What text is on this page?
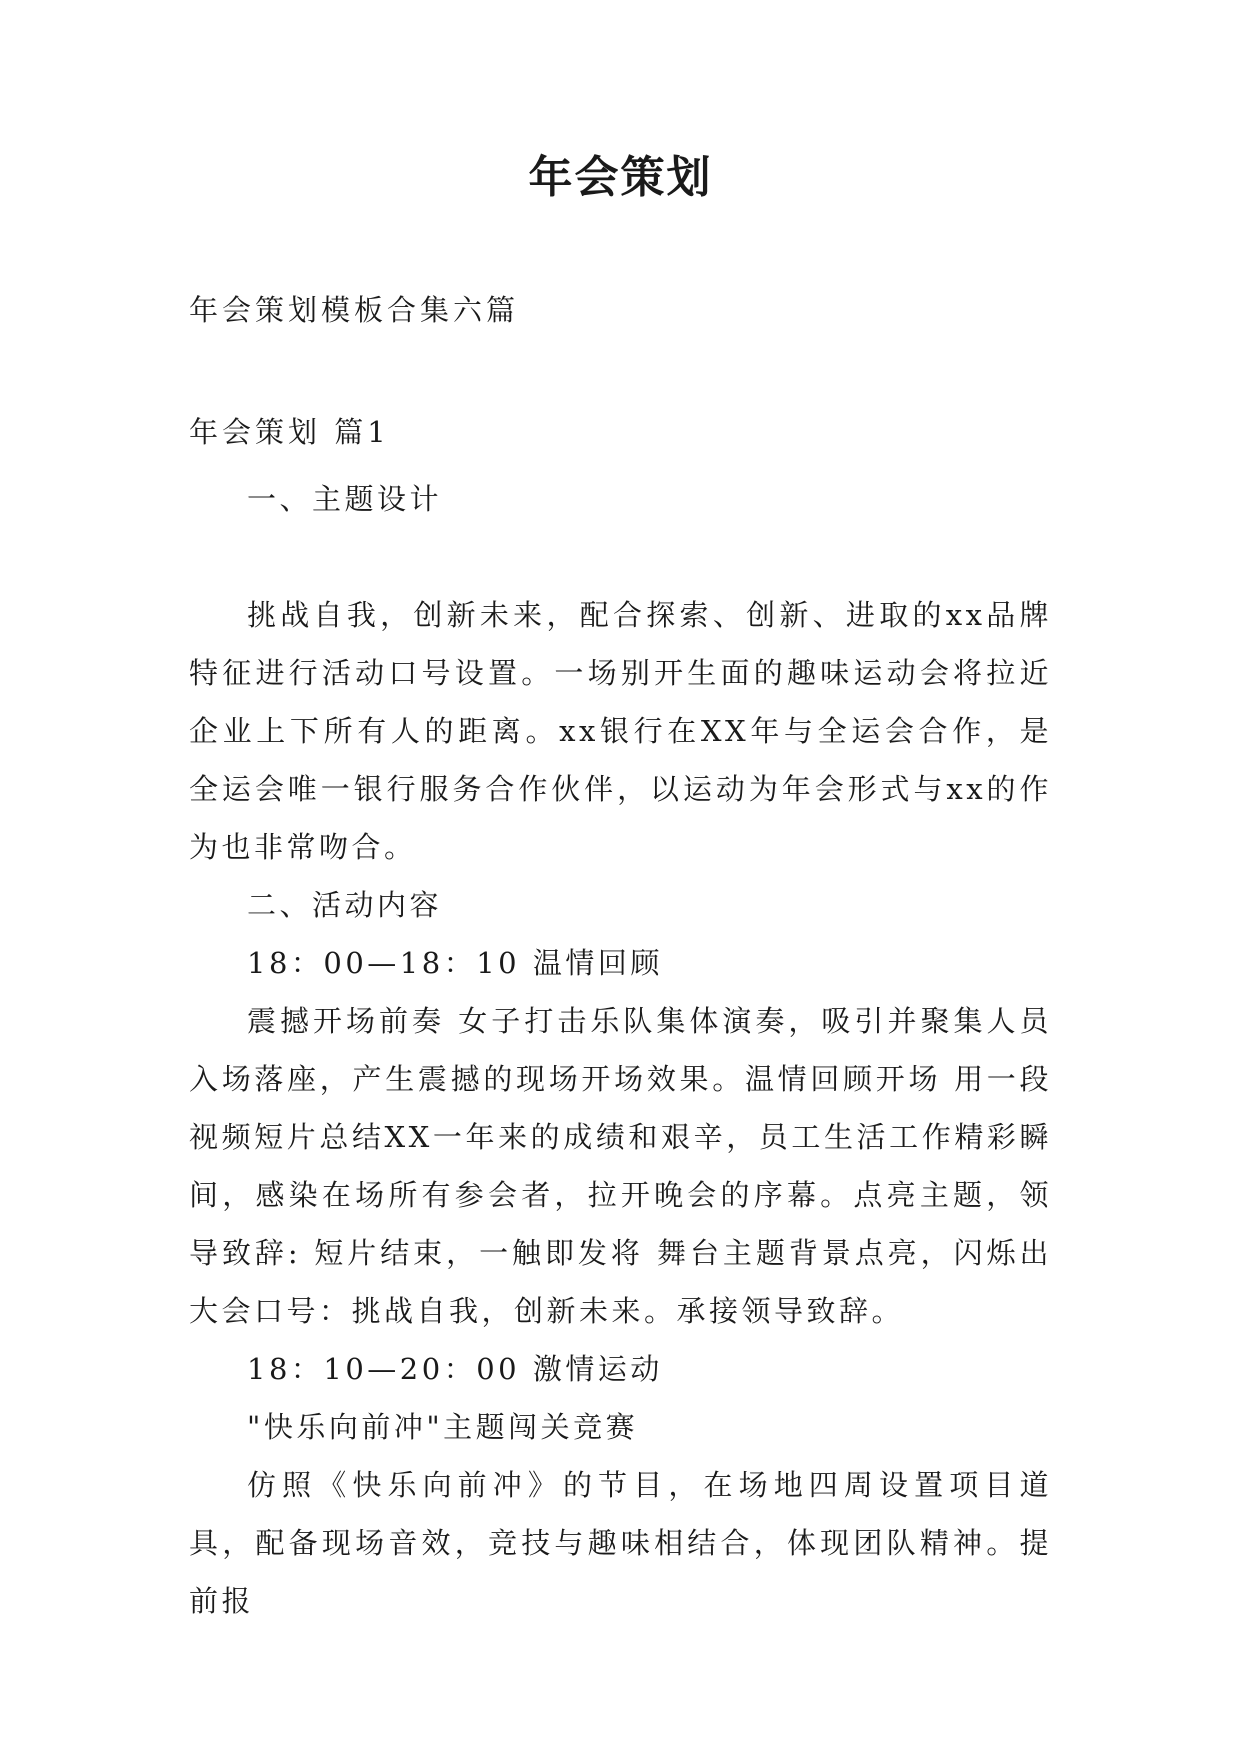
年会策划
年会策划模板合集六篇
年会策划 篇1

一、主题设计

挑战自我，创新未来，配合探索、创新、进取的xx品牌特征进行活动口号设置。一场别开生面的趣味运动会将拉近企业上下所有人的距离。xx银行在XX年与全运会合作，是全运会唯一银行服务合作伙伴，以运动为年会形式与xx的作为也非常吻合。

二、活动内容

18：00—18：10 温情回顾

震撼开场前奏 女子打击乐队集体演奏，吸引并聚集人员入场落座，产生震撼的现场开场效果。温情回顾开场 用一段视频短片总结XX一年来的成绩和艰辛，员工生活工作精彩瞬间，感染在场所有参会者，拉开晚会的序幕。点亮主题，领导致辞: 短片结束，一触即发将 舞台主题背景点亮，闪烁出大会口号：挑战自我，创新未来。承接领导致辞。

18：10—20：00 激情运动

"快乐向前冲"主题闯关竞赛

仿照《快乐向前冲》的节目，在场地四周设置项目道具，配备现场音效，竞技与趣味相结合，体现团队精神。提前报
